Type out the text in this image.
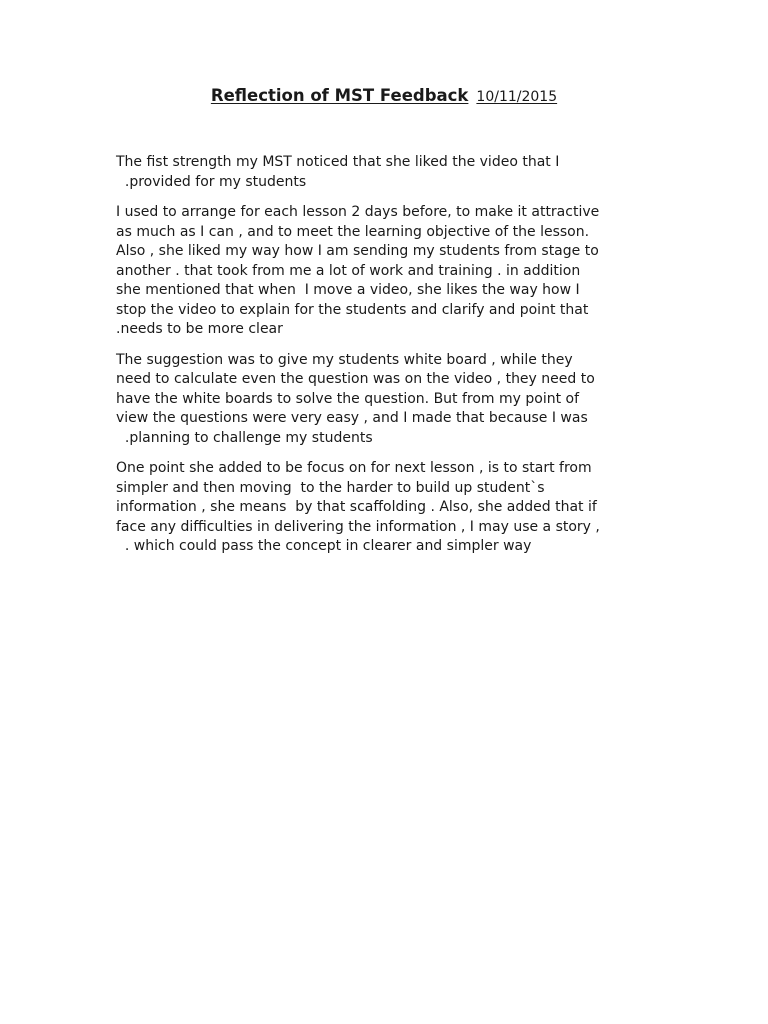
Reflection of MST Feedback 10/11/2015
The fist strength my MST noticed that she liked the video that I
.provided for my students
I used to arrange for each lesson 2 days before, to make it attractive
as much as I can , and to meet the learning objective of the lesson.
Also , she liked my way how I am sending my students from stage to
another . that took from me a lot of work and training . in addition
she mentioned that when  I move a video, she likes the way how I
stop the video to explain for the students and clarify and point that
.needs to be more clear
The suggestion was to give my students white board , while they
need to calculate even the question was on the video , they need to
have the white boards to solve the question. But from my point of
view the questions were very easy , and I made that because I was
.planning to challenge my students
One point she added to be focus on for next lesson , is to start from
simpler and then moving  to the harder to build up student`s
information , she means  by that scaffolding . Also, she added that if
face any difficulties in delivering the information , I may use a story ,
. which could pass the concept in clearer and simpler way
